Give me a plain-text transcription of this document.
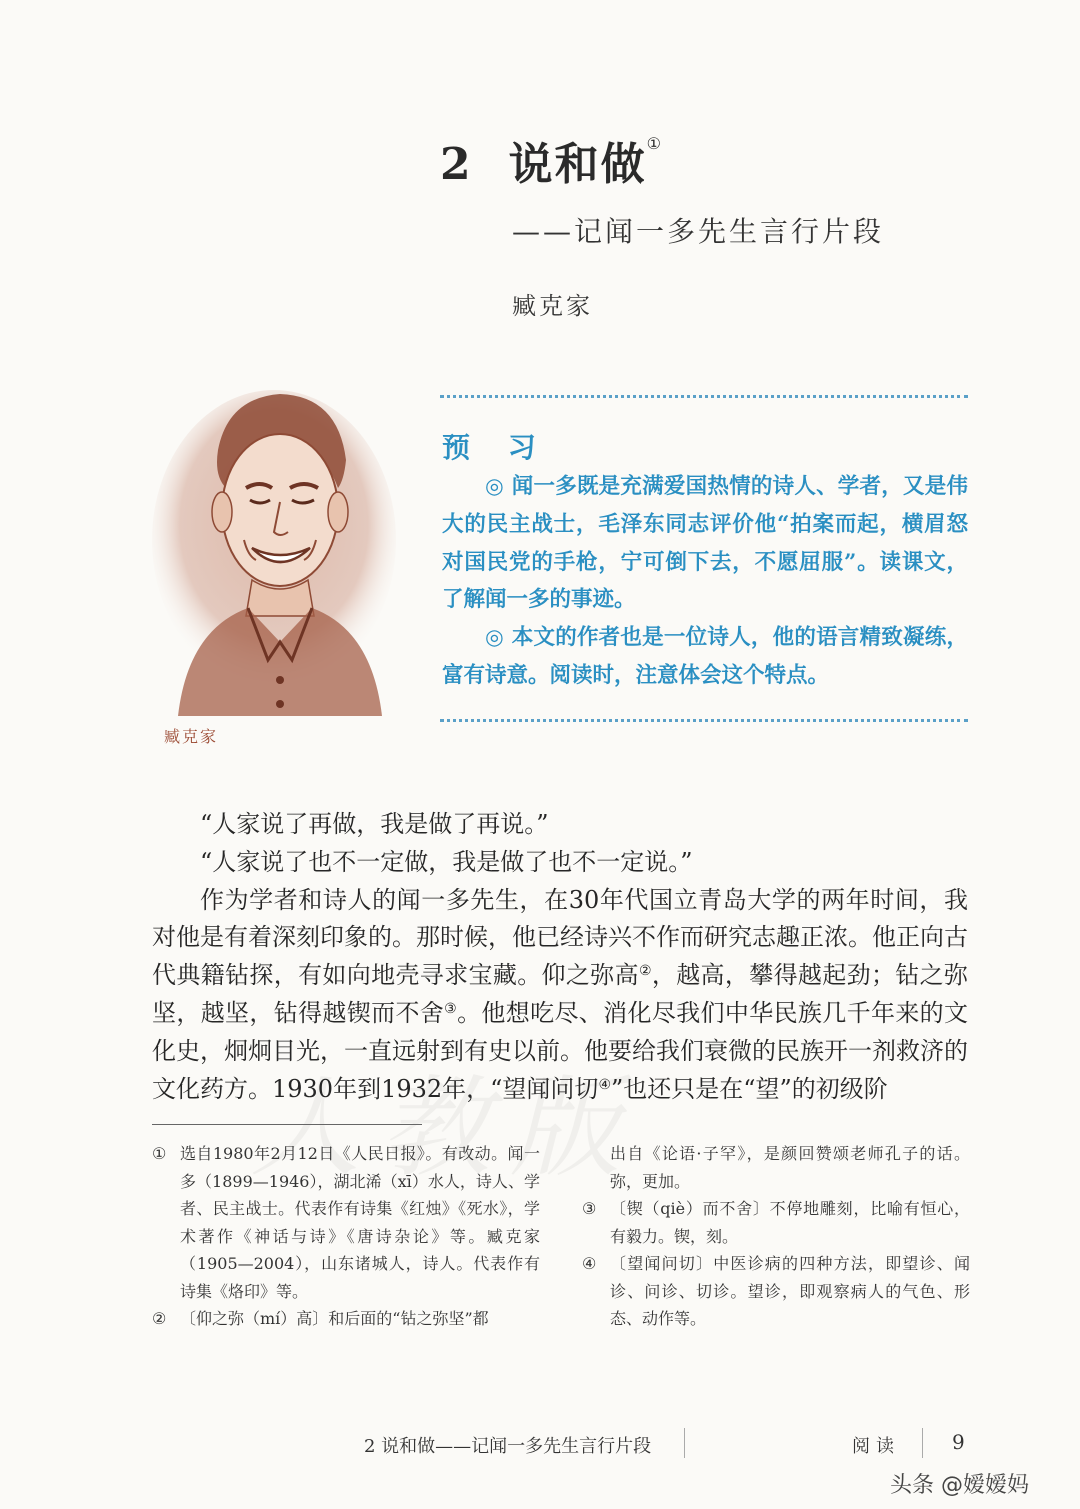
2 说和做①
——记闻一多先生言行片段
臧克家
臧克家
预 习

◎ 闻一多既是充满爱国热情的诗人、学者，又是伟大的民主战士，毛泽东同志评价他“拍案而起，横眉怒对国民党的手枪，宁可倒下去，不愿屈服”。读课文，了解闻一多的事迹。

◎ 本文的作者也是一位诗人，他的语言精致凝练，富有诗意。阅读时，注意体会这个特点。

“人家说了再做，我是做了再说。”

“人家说了也不一定做，我是做了也不一定说。”

作为学者和诗人的闻一多先生，在30年代国立青岛大学的两年时间，我对他是有着深刻印象的。那时候，他已经诗兴不作而研究志趣正浓。他正向古代典籍钻探，有如向地壳寻求宝藏。仰之弥高②，越高，攀得越起劲；钻之弥坚，越坚，钻得越锲而不舍③。他想吃尽、消化尽我们中华民族几千年来的文化史，炯炯目光，一直远射到有史以前。他要给我们衰微的民族开一剂救济的文化药方。1930年到1932年，“望闻问切④”也还只是在“望”的初级阶

① 选自1980年2月12日《人民日报》。有改动。闻一多（1899—1946），湖北浠（xī）水人，诗人、学者、民主战士。代表作有诗集《红烛》《死水》，学术著作《神话与诗》《唐诗杂论》等。臧克家（1905—2004），山东诸城人，诗人。代表作有诗集《烙印》等。
② 〔仰之弥（mí）高〕和后面的“钻之弥坚”都

出自《论语·子罕》，是颜回赞颂老师孔子的话。弥，更加。

③ 〔锲（qiè）而不舍〕不停地雕刻，比喻有恒心，有毅力。锲，刻。
④ 〔望闻问切〕中医诊病的四种方法，即望诊、闻诊、问诊、切诊。望诊，即观察病人的气色、形态、动作等。
2 说和做——记闻一多先生言行片段	阅读	9
头条 @嫒嫒妈
